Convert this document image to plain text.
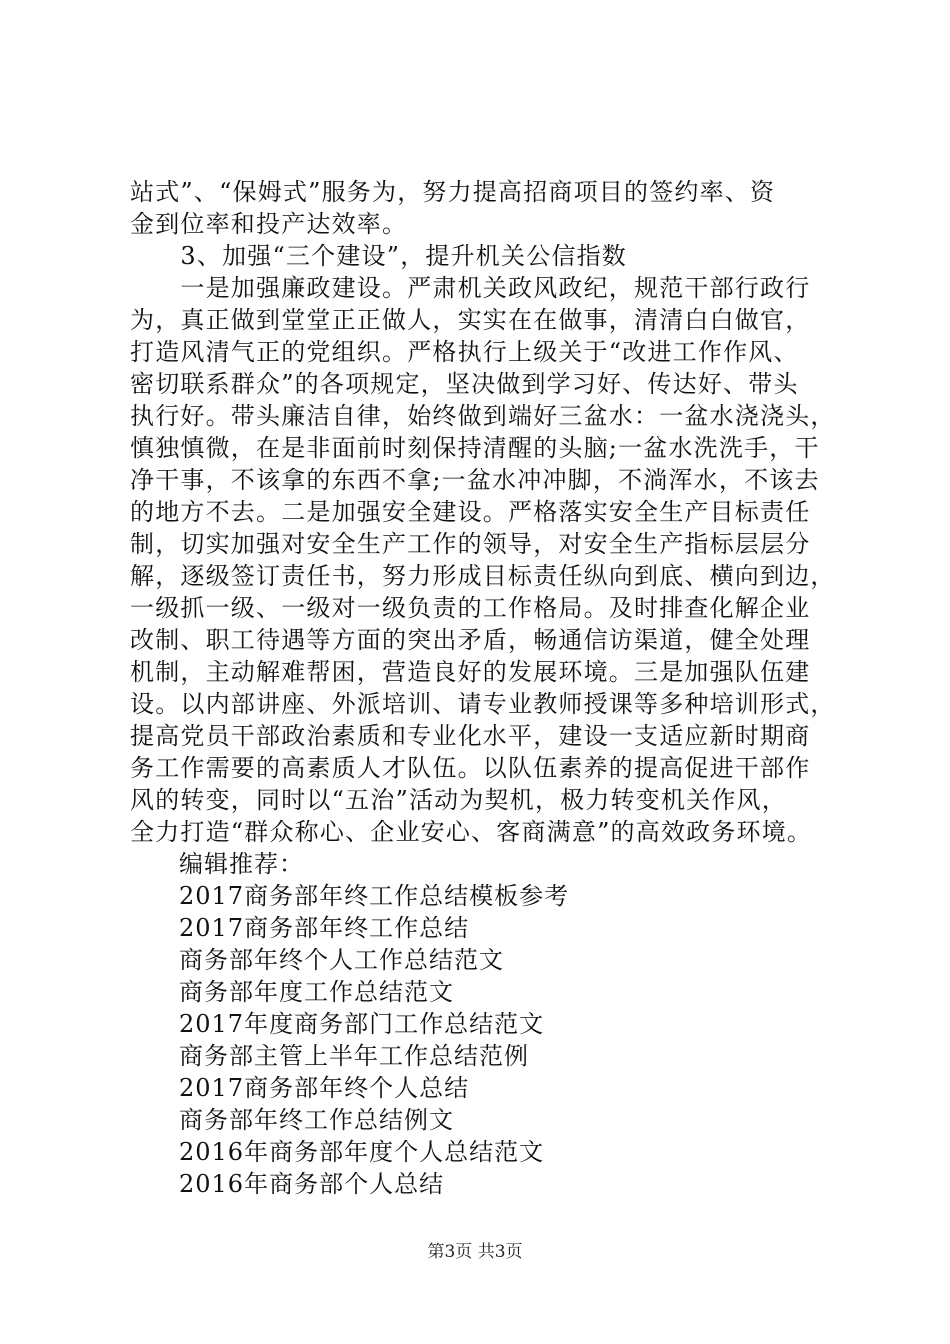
站式”、“保姆式”服务为，努力提高招商项目的签约率、资
金到位率和投产达效率。
　　3、加强“三个建设”，提升机关公信指数
　　一是加强廉政建设。严肃机关政风政纪，规范干部行政行
为，真正做到堂堂正正做人，实实在在做事，清清白白做官，
打造风清气正的党组织。严格执行上级关于“改进工作作风、
密切联系群众”的各项规定，坚决做到学习好、传达好、带头
执行好。带头廉洁自律，始终做到端好三盆水：一盆水浇浇头，
慎独慎微，在是非面前时刻保持清醒的头脑;一盆水洗洗手，干
净干事，不该拿的东西不拿;一盆水冲冲脚，不淌浑水，不该去
的地方不去。二是加强安全建设。严格落实安全生产目标责任
制，切实加强对安全生产工作的领导，对安全生产指标层层分
解，逐级签订责任书，努力形成目标责任纵向到底、横向到边，
一级抓一级、一级对一级负责的工作格局。及时排查化解企业
改制、职工待遇等方面的突出矛盾，畅通信访渠道，健全处理
机制，主动解难帮困，营造良好的发展环境。三是加强队伍建
设。以内部讲座、外派培训、请专业教师授课等多种培训形式，
提高党员干部政治素质和专业化水平，建设一支适应新时期商
务工作需要的高素质人才队伍。以队伍素养的提高促进干部作
风的转变，同时以“五治”活动为契机，极力转变机关作风，
全力打造“群众称心、企业安心、客商满意”的高效政务环境。
编辑推荐：
2017商务部年终工作总结模板参考
2017商务部年终工作总结
商务部年终个人工作总结范文
商务部年度工作总结范文
2017年度商务部门工作总结范文
商务部主管上半年工作总结范例
2017商务部年终个人总结
商务部年终工作总结例文
2016年商务部年度个人总结范文
2016年商务部个人总结
第3页 共3页
